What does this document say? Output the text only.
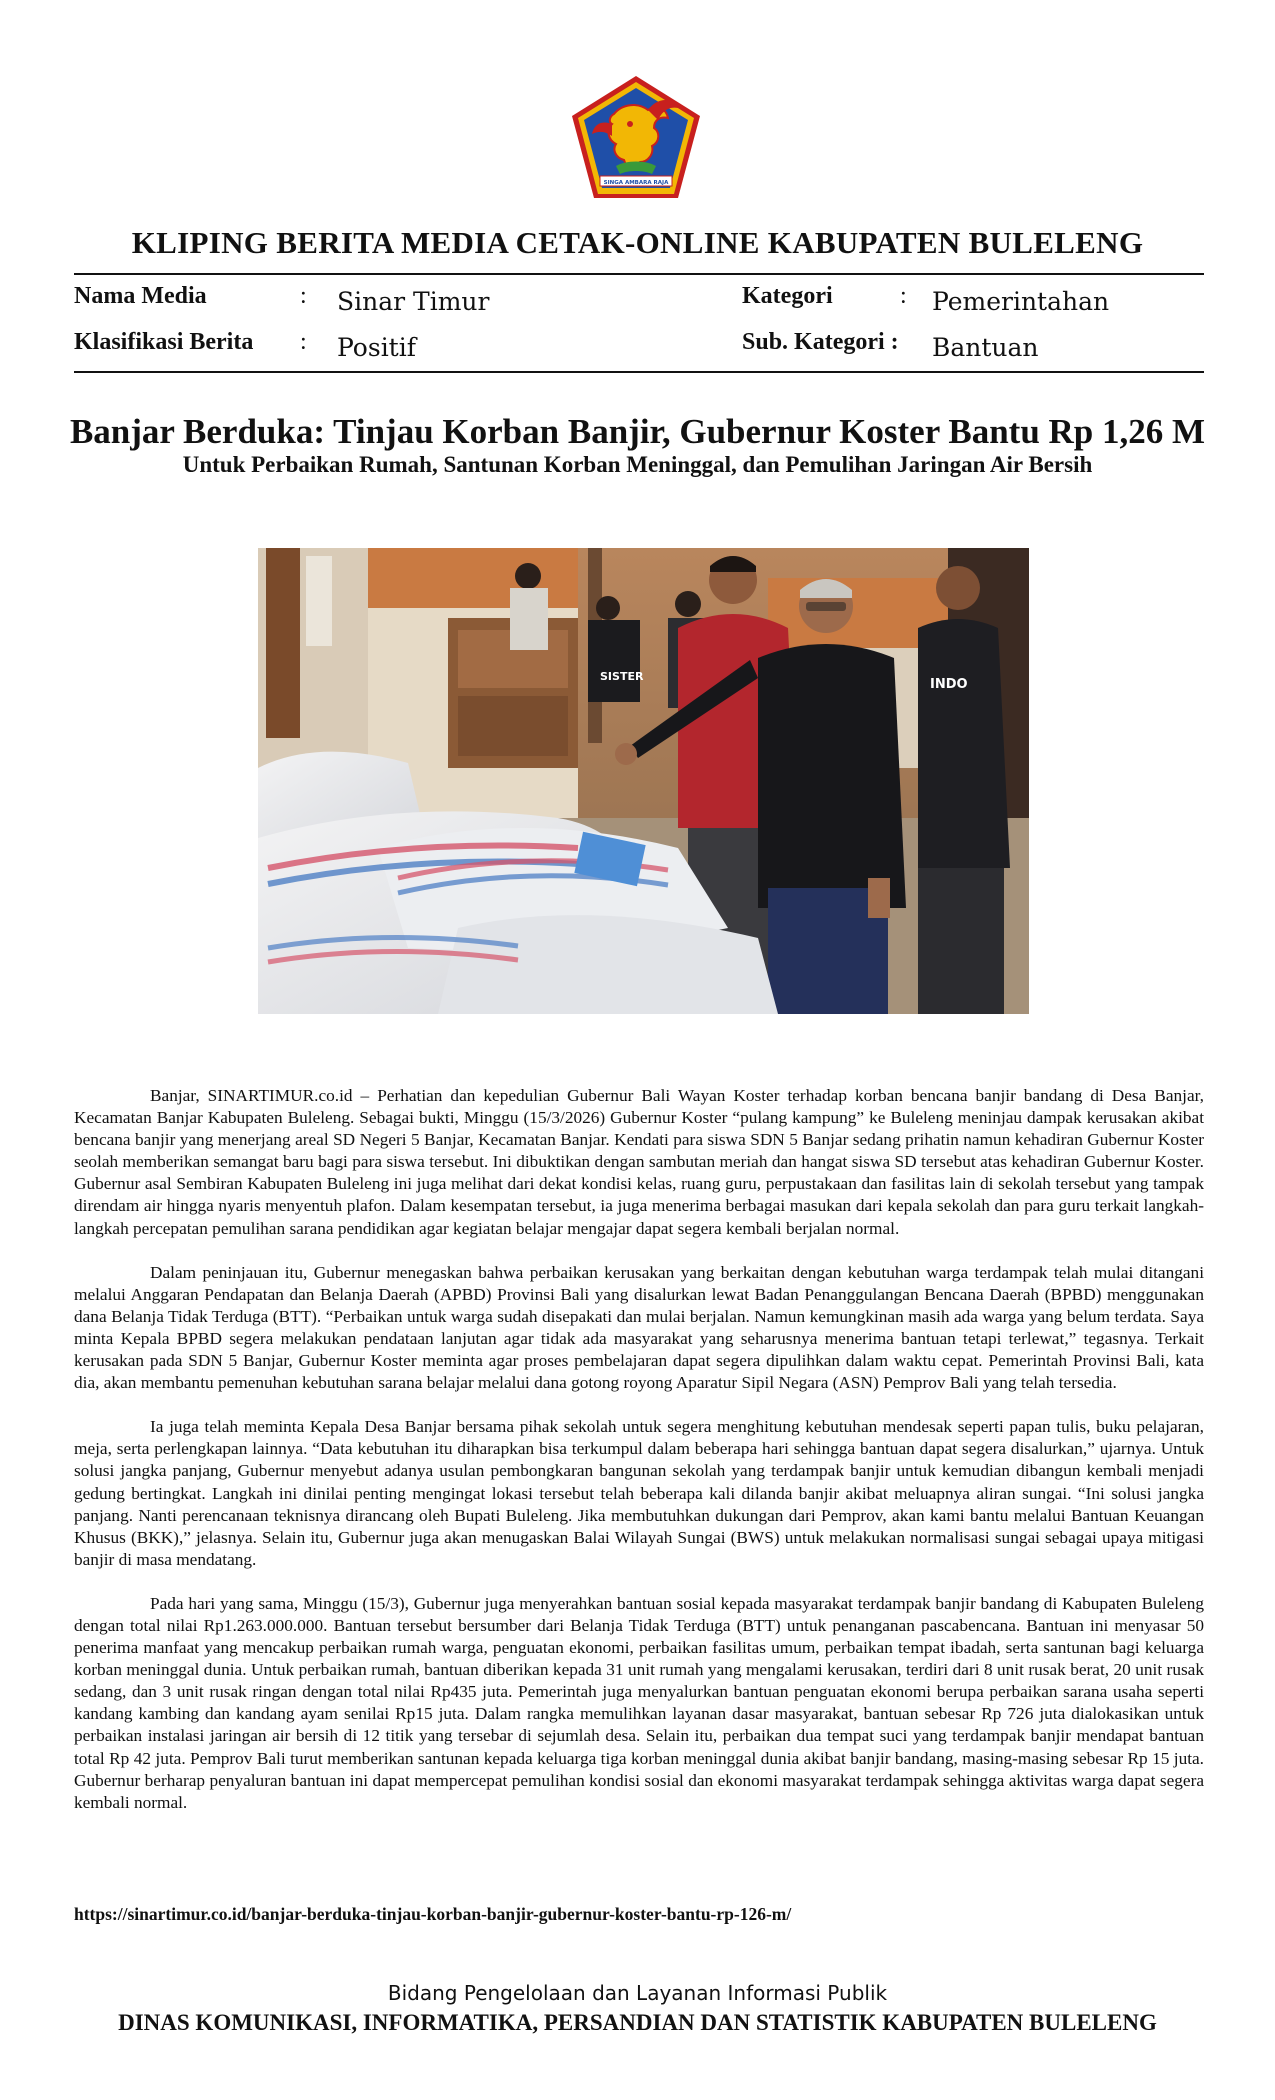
SINGA AMBARA RAJA
KLIPING BERITA MEDIA CETAK-ONLINE KABUPATEN BULELENG
Nama Media	: Sinar Timur	Kategori	: Pemerintahan
Klasifikasi Berita : Positif	Sub. Kategori : Bantuan
Banjar Berduka: Tinjau Korban Banjir, Gubernur Koster Bantu Rp 1,26 M
Untuk Perbaikan Rumah, Santunan Korban Meninggal, dan Pemulihan Jaringan Air Bersih
SISTER
INDO

Banjar, SINARTIMUR.co.id – Perhatian dan kepedulian Gubernur Bali Wayan Koster terhadap korban bencana banjir bandang di Desa Banjar, Kecamatan Banjar Kabupaten Buleleng. Sebagai bukti, Minggu (15/3/2026) Gubernur Koster “pulang kampung” ke Buleleng meninjau dampak kerusakan akibat bencana banjir yang menerjang areal SD Negeri 5 Banjar, Kecamatan Banjar. Kendati para siswa SDN 5 Banjar sedang prihatin namun kehadiran Gubernur Koster seolah memberikan semangat baru bagi para siswa tersebut. Ini dibuktikan dengan sambutan meriah dan hangat siswa SD tersebut atas kehadiran Gubernur Koster. Gubernur asal Sembiran Kabupaten Buleleng ini juga melihat dari dekat kondisi kelas, ruang guru, perpustakaan dan fasilitas lain di sekolah tersebut yang tampak direndam air hingga nyaris menyentuh plafon. Dalam kesempatan tersebut, ia juga menerima berbagai masukan dari kepala sekolah dan para guru terkait langkah-langkah percepatan pemulihan sarana pendidikan agar kegiatan belajar mengajar dapat segera kembali berjalan normal.

Dalam peninjauan itu, Gubernur menegaskan bahwa perbaikan kerusakan yang berkaitan dengan kebutuhan warga terdampak telah mulai ditangani melalui Anggaran Pendapatan dan Belanja Daerah (APBD) Provinsi Bali yang disalurkan lewat Badan Penanggulangan Bencana Daerah (BPBD) menggunakan dana Belanja Tidak Terduga (BTT). “Perbaikan untuk warga sudah disepakati dan mulai berjalan. Namun kemungkinan masih ada warga yang belum terdata. Saya minta Kepala BPBD segera melakukan pendataan lanjutan agar tidak ada masyarakat yang seharusnya menerima bantuan tetapi terlewat,” tegasnya. Terkait kerusakan pada SDN 5 Banjar, Gubernur Koster meminta agar proses pembelajaran dapat segera dipulihkan dalam waktu cepat. Pemerintah Provinsi Bali, kata dia, akan membantu pemenuhan kebutuhan sarana belajar melalui dana gotong royong Aparatur Sipil Negara (ASN) Pemprov Bali yang telah tersedia.

Ia juga telah meminta Kepala Desa Banjar bersama pihak sekolah untuk segera menghitung kebutuhan mendesak seperti papan tulis, buku pelajaran, meja, serta perlengkapan lainnya. “Data kebutuhan itu diharapkan bisa terkumpul dalam beberapa hari sehingga bantuan dapat segera disalurkan,” ujarnya. Untuk solusi jangka panjang, Gubernur menyebut adanya usulan pembongkaran bangunan sekolah yang terdampak banjir untuk kemudian dibangun kembali menjadi gedung bertingkat. Langkah ini dinilai penting mengingat lokasi tersebut telah beberapa kali dilanda banjir akibat meluapnya aliran sungai. “Ini solusi jangka panjang. Nanti perencanaan teknisnya dirancang oleh Bupati Buleleng. Jika membutuhkan dukungan dari Pemprov, akan kami bantu melalui Bantuan Keuangan Khusus (BKK),” jelasnya. Selain itu, Gubernur juga akan menugaskan Balai Wilayah Sungai (BWS) untuk melakukan normalisasi sungai sebagai upaya mitigasi banjir di masa mendatang.

Pada hari yang sama, Minggu (15/3), Gubernur juga menyerahkan bantuan sosial kepada masyarakat terdampak banjir bandang di Kabupaten Buleleng dengan total nilai Rp1.263.000.000. Bantuan tersebut bersumber dari Belanja Tidak Terduga (BTT) untuk penanganan pascabencana. Bantuan ini menyasar 50 penerima manfaat yang mencakup perbaikan rumah warga, penguatan ekonomi, perbaikan fasilitas umum, perbaikan tempat ibadah, serta santunan bagi keluarga korban meninggal dunia. Untuk perbaikan rumah, bantuan diberikan kepada 31 unit rumah yang mengalami kerusakan, terdiri dari 8 unit rusak berat, 20 unit rusak sedang, dan 3 unit rusak ringan dengan total nilai Rp435 juta. Pemerintah juga menyalurkan bantuan penguatan ekonomi berupa perbaikan sarana usaha seperti kandang kambing dan kandang ayam senilai Rp15 juta. Dalam rangka memulihkan layanan dasar masyarakat, bantuan sebesar Rp 726 juta dialokasikan untuk perbaikan instalasi jaringan air bersih di 12 titik yang tersebar di sejumlah desa. Selain itu, perbaikan dua tempat suci yang terdampak banjir mendapat bantuan total Rp 42 juta. Pemprov Bali turut memberikan santunan kepada keluarga tiga korban meninggal dunia akibat banjir bandang, masing-masing sebesar Rp 15 juta. Gubernur berharap penyaluran bantuan ini dapat mempercepat pemulihan kondisi sosial dan ekonomi masyarakat terdampak sehingga aktivitas warga dapat segera kembali normal.

https://sinartimur.co.id/banjar-berduka-tinjau-korban-banjir-gubernur-koster-bantu-rp-126-m/
Bidang Pengelolaan dan Layanan Informasi Publik
DINAS KOMUNIKASI, INFORMATIKA, PERSANDIAN DAN STATISTIK KABUPATEN BULELENG
